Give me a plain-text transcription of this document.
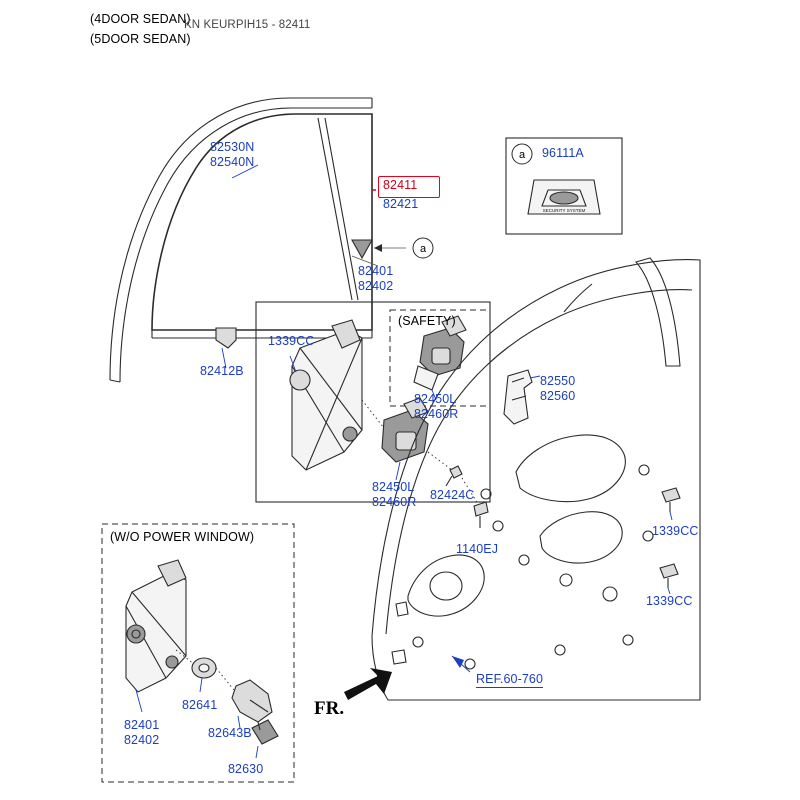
a
a
SECURITY SYSTEM
(4DOOR SEDAN)
(5DOOR SEDAN)
KN KEURPIH15 - 82411
82530N
82540N
82411
82421
82401
82402
82412B
1339CC
(SAFETY)
82450L
82460R
82450L
82460R 82424C
1140EJ
82550
82560
1339CC
1339CC
(W/O POWER WINDOW)
82401
82402
82641
82643B
82630
96111A
FR.
REF.60-760
